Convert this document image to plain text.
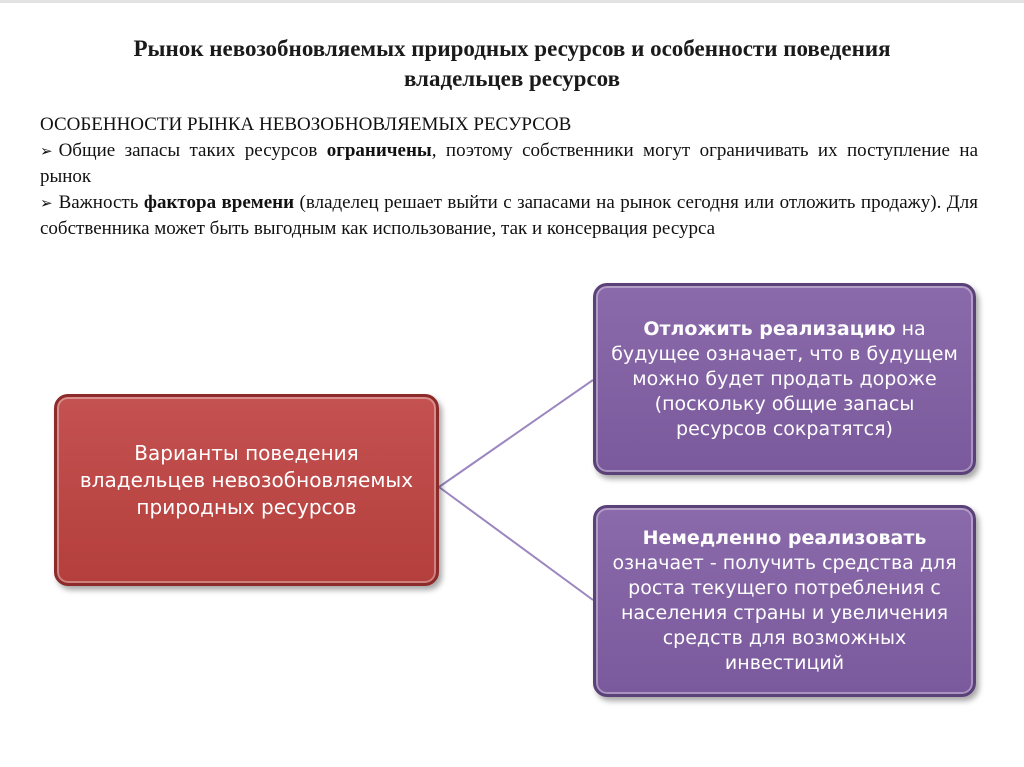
Рынок невозобновляемых природных ресурсов и особенности поведения
владельцев ресурсов
ОСОБЕННОСТИ РЫНКА НЕВОЗОБНОВЛЯЕМЫХ РЕСУРСОВ
➢ Общие запасы таких ресурсов ограничены, поэтому собственники могут ограничивать их поступление на рынок
➢ Важность фактора времени (владелец решает выйти с запасами на рынок сегодня или отложить продажу). Для собственника может быть выгодным как использование, так и консервация ресурса
Варианты поведения владельцев невозобновляемых природных ресурсов
Отложить реализацию на будущее означает, что в будущем можно будет продать дороже (поскольку общие запасы ресурсов сократятся)
Немедленно реализовать означает - получить средства для роста текущего потребления с населения страны и увеличения средств для возможных инвестиций
